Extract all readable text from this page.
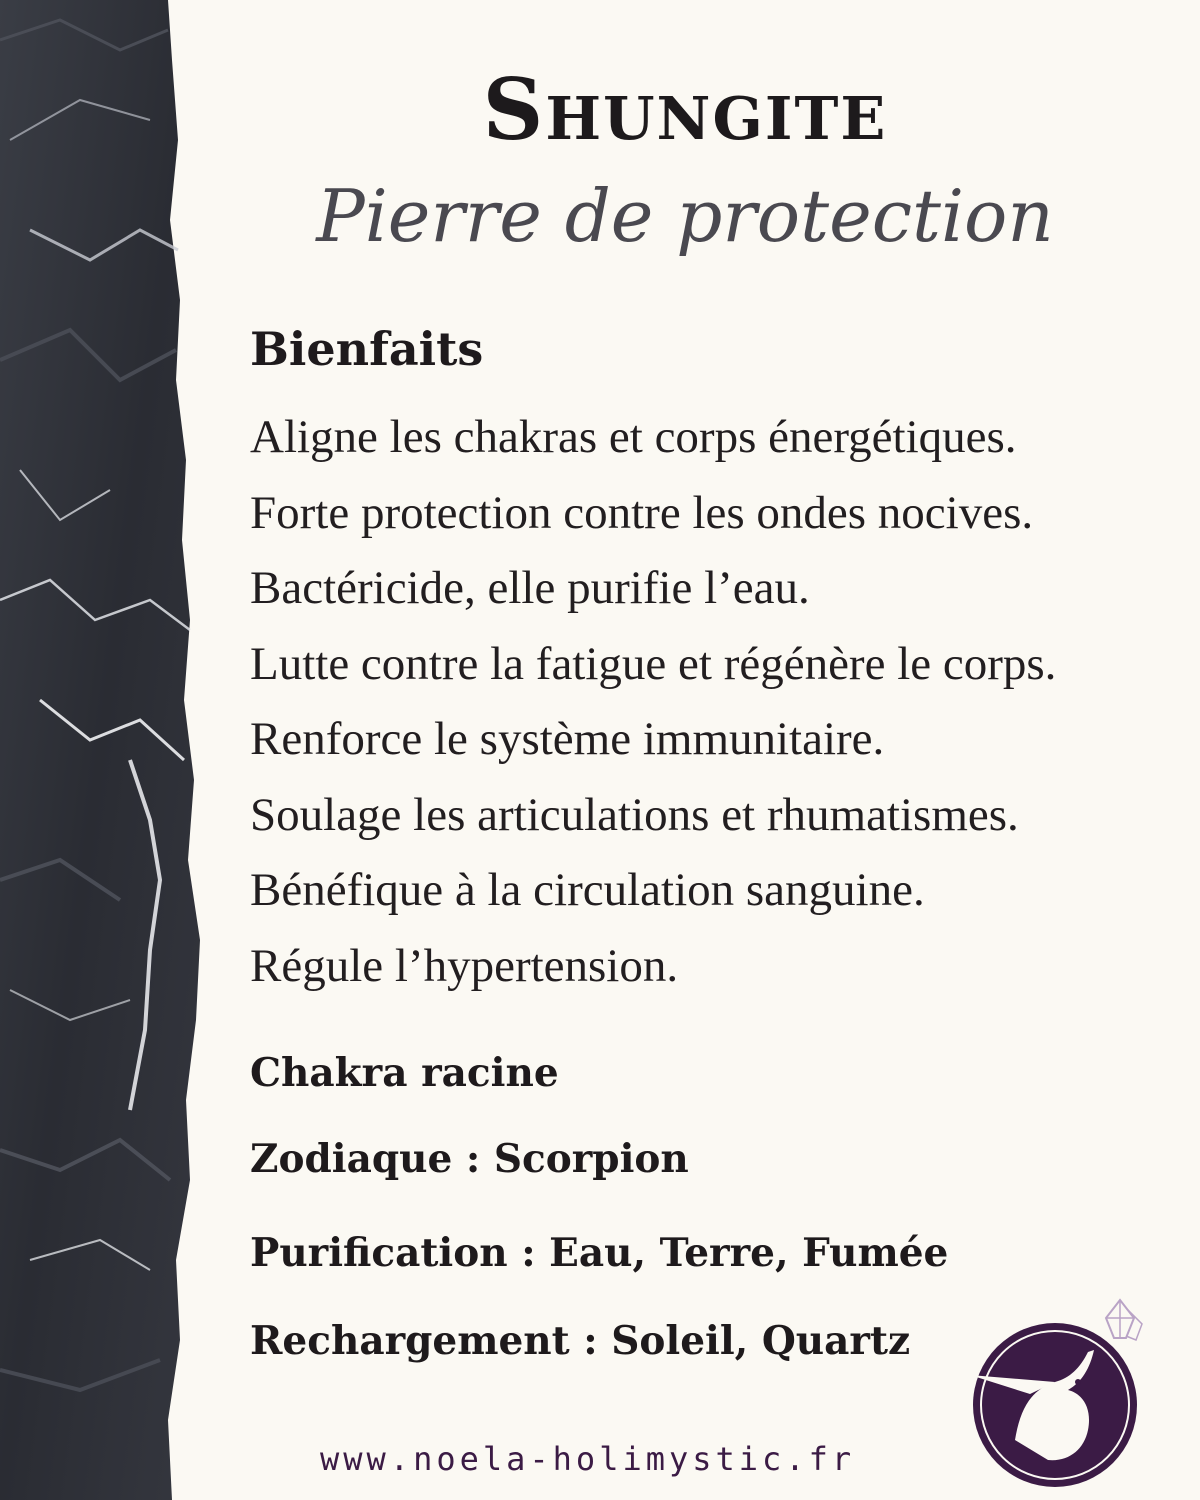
Shungite
Pierre de protection
Bienfaits
Aligne les chakras et corps énergétiques.
Forte protection contre les ondes nocives.
Bactéricide, elle purifie l’eau.
Lutte contre la fatigue et régénère le corps.
Renforce le système immunitaire.
Soulage les articulations et rhumatismes.
Bénéfique à la circulation sanguine.
Régule l’hypertension.
Chakra racine
Zodiaque : Scorpion
Purification : Eau, Terre, Fumée
Rechargement : Soleil, Quartz
www.noela-holimystic.fr
